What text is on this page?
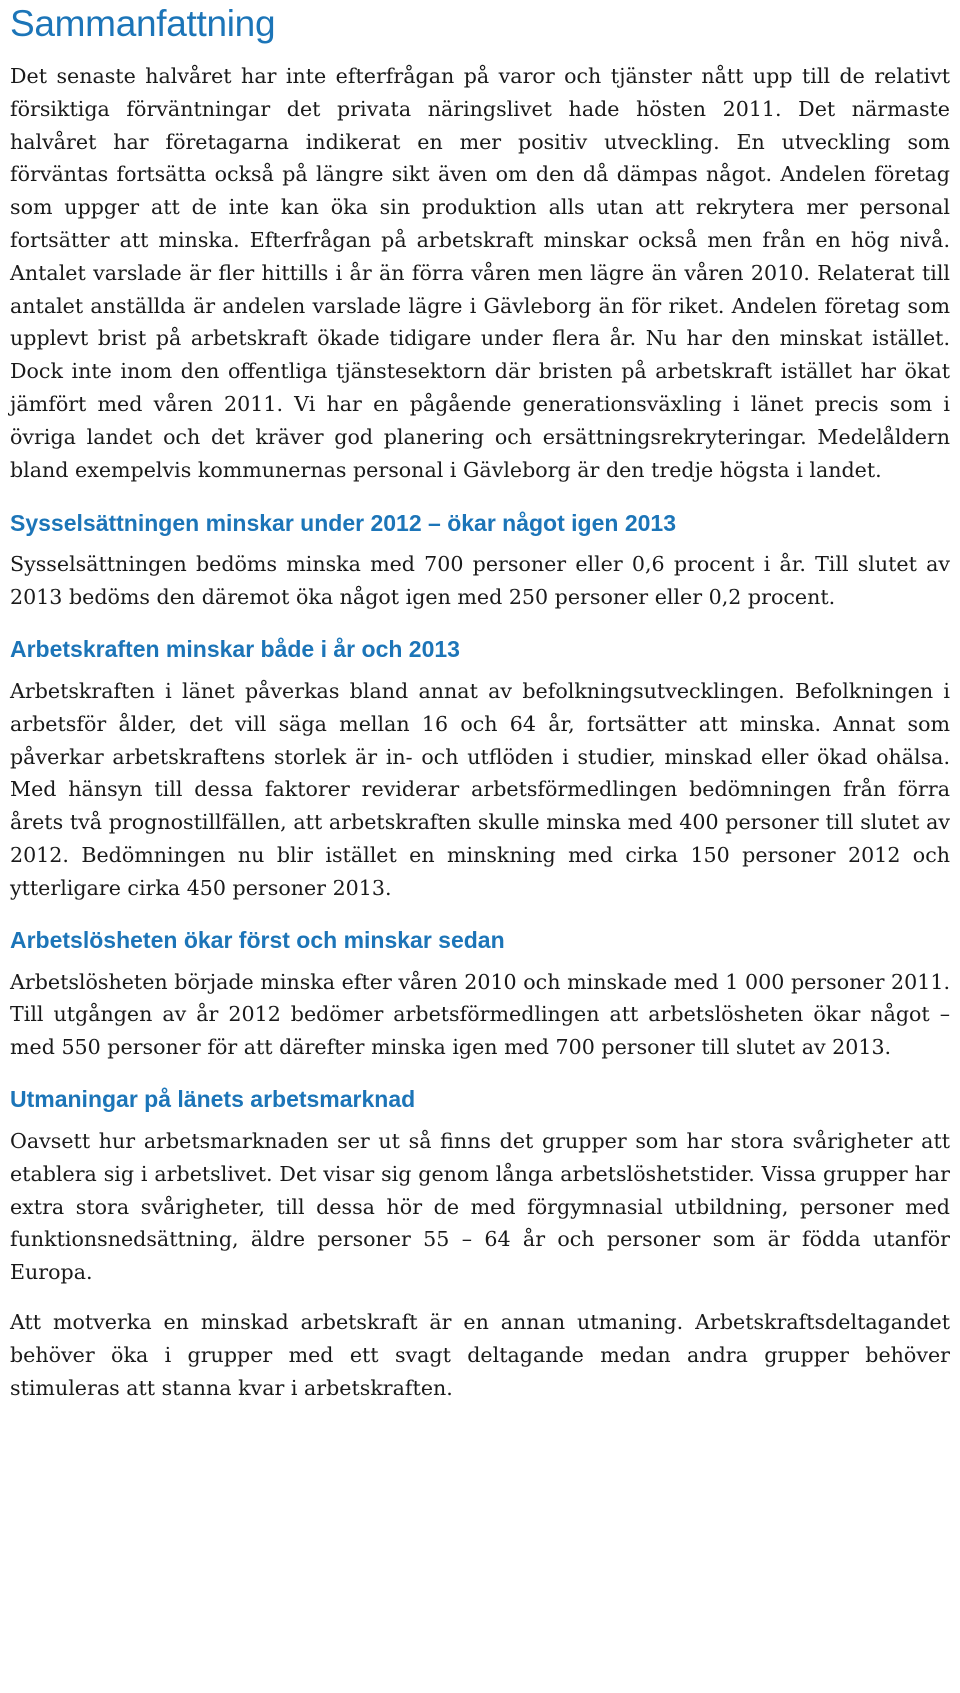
Sammanfattning

Det senaste halvåret har inte efterfrågan på varor och tjänster nått upp till de relativt försiktiga förväntningar det privata näringslivet hade hösten 2011. Det närmaste halvåret har företagarna indikerat en mer positiv utveckling. En utveckling som förväntas fortsätta också på längre sikt även om den då dämpas något. Andelen företag som uppger att de inte kan öka sin produktion alls utan att rekrytera mer personal fortsätter att minska. Efterfrågan på arbetskraft minskar också men från en hög nivå. Antalet varslade är fler hittills i år än förra våren men lägre än våren 2010. Relaterat till antalet anställda är andelen varslade lägre i Gävleborg än för riket. Andelen företag som upplevt brist på arbetskraft ökade tidigare under flera år. Nu har den minskat istället. Dock inte inom den offentliga tjänstesektorn där bristen på arbetskraft istället har ökat jämfört med våren 2011. Vi har en pågående generationsväxling i länet precis som i övriga landet och det kräver god planering och ersättningsrekryteringar. Medelåldern bland exempelvis kommunernas personal i Gävleborg är den tredje högsta i landet.

Sysselsättningen minskar under 2012 – ökar något igen 2013

Sysselsättningen bedöms minska med 700 personer eller 0,6 procent i år. Till slutet av 2013 bedöms den däremot öka något igen med 250 personer eller 0,2 procent.

Arbetskraften minskar både i år och 2013

Arbetskraften i länet påverkas bland annat av befolkningsutvecklingen. Befolkningen i arbetsför ålder, det vill säga mellan 16 och 64 år, fortsätter att minska. Annat som påverkar arbetskraftens storlek är in- och utflöden i studier, minskad eller ökad ohälsa. Med hänsyn till dessa faktorer reviderar arbetsförmedlingen bedömningen från förra årets två prognostillfällen, att arbetskraften skulle minska med 400 personer till slutet av 2012. Bedömningen nu blir istället en minskning med cirka 150 personer 2012 och ytterligare cirka 450 personer 2013.

Arbetslösheten ökar först och minskar sedan

Arbetslösheten började minska efter våren 2010 och minskade med 1 000 personer 2011. Till utgången av år 2012 bedömer arbetsförmedlingen att arbetslösheten ökar något – med 550 personer för att därefter minska igen med 700 personer till slutet av 2013.

Utmaningar på länets arbetsmarknad

Oavsett hur arbetsmarknaden ser ut så finns det grupper som har stora svårigheter att etablera sig i arbetslivet. Det visar sig genom långa arbetslöshetstider. Vissa grupper har extra stora svårigheter, till dessa hör de med förgymnasial utbildning, personer med funktionsnedsättning, äldre personer 55 – 64 år och personer som är födda utanför Europa.

Att motverka en minskad arbetskraft är en annan utmaning. Arbetskraftsdeltagandet behöver öka i grupper med ett svagt deltagande medan andra grupper behöver stimuleras att stanna kvar i arbetskraften.
